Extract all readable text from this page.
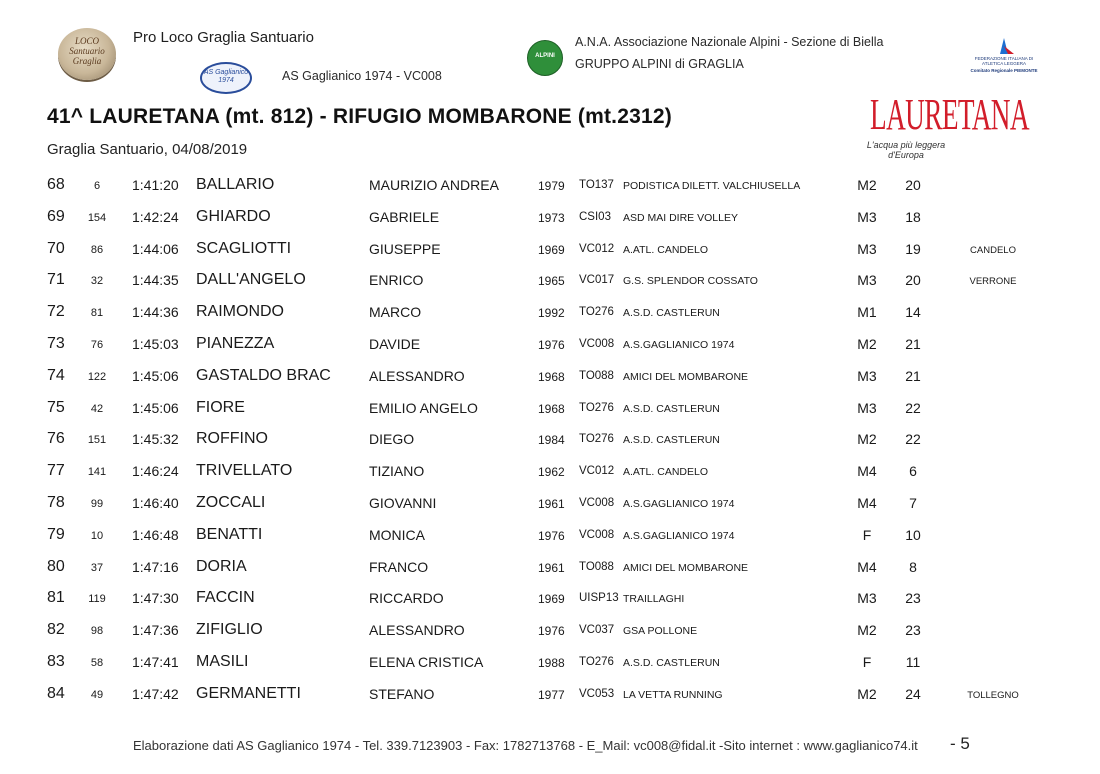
LOCO
Santuario
Graglia
Pro Loco Graglia Santuario
AS Gaglianico
1974	AS Gaglianico 1974 - VC008
ALPINI
A.N.A. Associazione Nazionale Alpini - Sezione di Biella
GRUPPO ALPINI di GRAGLIA	FEDERAZIONE ITALIANA DI ATLETICA LEGGERA
Comitato Regionale PIEMONTE
41^ LAURETANA (mt. 812) - RIFUGIO MOMBARONE (mt.2312)
Graglia Santuario, 04/08/2019
LAURETANA
L'acqua più leggera d'Europa
68	6	1:41:20 BALLARIO	MAURIZIO ANDREA	1979 TO137 PODISTICA DILETT. VALCHIUSELLA	M2	20
69	154	1:42:24 GHIARDO	GABRIELE	1973 CSI03 ASD MAI DIRE VOLLEY	M3	18
70	86	1:44:06 SCAGLIOTTI	GIUSEPPE	1969 VC012 A.ATL. CANDELO	M3	19	CANDELO
71	32	1:44:35 DALL'ANGELO	ENRICO	1965 VC017 G.S. SPLENDOR COSSATO	M3	20	VERRONE
72	81	1:44:36 RAIMONDO	MARCO	1992 TO276 A.S.D. CASTLERUN	M1	14
73	76	1:45:03 PIANEZZA	DAVIDE	1976 VC008 A.S.GAGLIANICO 1974	M2	21
74	122	1:45:06 GASTALDO BRAC	ALESSANDRO	1968 TO088 AMICI DEL MOMBARONE	M3	21
75	42	1:45:06 FIORE	EMILIO ANGELO	1968 TO276 A.S.D. CASTLERUN	M3	22
76	151	1:45:32 ROFFINO	DIEGO	1984 TO276 A.S.D. CASTLERUN	M2	22
77	141	1:46:24 TRIVELLATO	TIZIANO	1962 VC012 A.ATL. CANDELO	M4	6
78	99	1:46:40 ZOCCALI	GIOVANNI	1961 VC008 A.S.GAGLIANICO 1974	M4	7
79	10	1:46:48 BENATTI	MONICA	1976 VC008 A.S.GAGLIANICO 1974	F	10
80	37	1:47:16 DORIA	FRANCO	1961 TO088 AMICI DEL MOMBARONE	M4	8
81	119	1:47:30 FACCIN	RICCARDO	1969 UISP13 TRAILLAGHI	M3	23
82	98	1:47:36 ZIFIGLIO	ALESSANDRO	1976 VC037 GSA POLLONE	M2	23
83	58	1:47:41 MASILI	ELENA CRISTICA	1988 TO276 A.S.D. CASTLERUN	F	11
84	49	1:47:42 GERMANETTI	STEFANO	1977 VC053 LA VETTA RUNNING	M2	24	TOLLEGNO
Elaborazione dati AS Gaglianico 1974 - Tel. 339.7123903 - Fax: 1782713768 - E_Mail: vc008@fidal.it -Sito internet : www.gaglianico74.it - 5
